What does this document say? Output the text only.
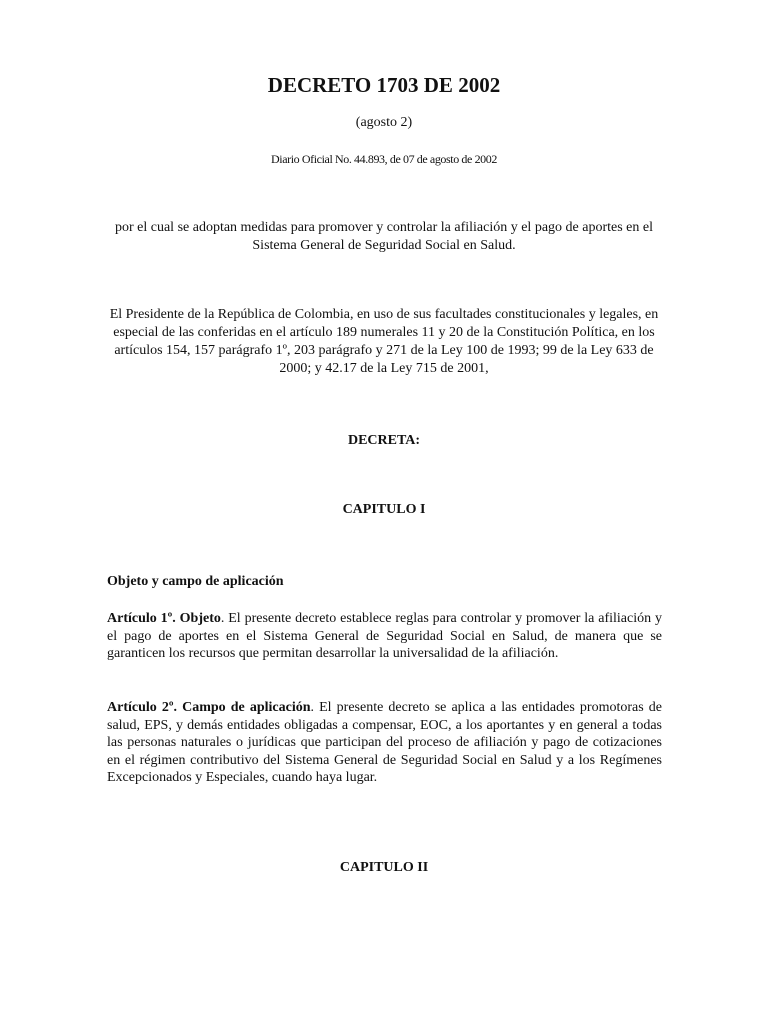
DECRETO 1703 DE 2002
(agosto 2)
Diario Oficial No. 44.893, de 07 de agosto de 2002

por el cual se adoptan medidas para promover y controlar la afiliación y el pago de aportes en el Sistema General de Seguridad Social en Salud.

El Presidente de la República de Colombia, en uso de sus facultades constitucionales y legales, en especial de las conferidas en el artículo 189 numerales 11 y 20 de la Constitución Política, en los artículos 154, 157 parágrafo 1º, 203 parágrafo y 271 de la Ley 100 de 1993; 99 de la Ley 633 de 2000; y 42.17 de la Ley 715 de 2001,

DECRETA:
CAPITULO I
Objeto y campo de aplicación

Artículo 1º. Objeto. El presente decreto establece reglas para controlar y promover la afiliación y el pago de aportes en el Sistema General de Seguridad Social en Salud, de manera que se garanticen los recursos que permitan desarrollar la universalidad de la afiliación.

Artículo 2º. Campo de aplicación. El presente decreto se aplica a las entidades promotoras de salud, EPS, y demás entidades obligadas a compensar, EOC, a los aportantes y en general a todas las personas naturales o jurídicas que participan del proceso de afiliación y pago de cotizaciones en el régimen contributivo del Sistema General de Seguridad Social en Salud y a los Regímenes Excepcionados y Especiales, cuando haya lugar.

CAPITULO II
